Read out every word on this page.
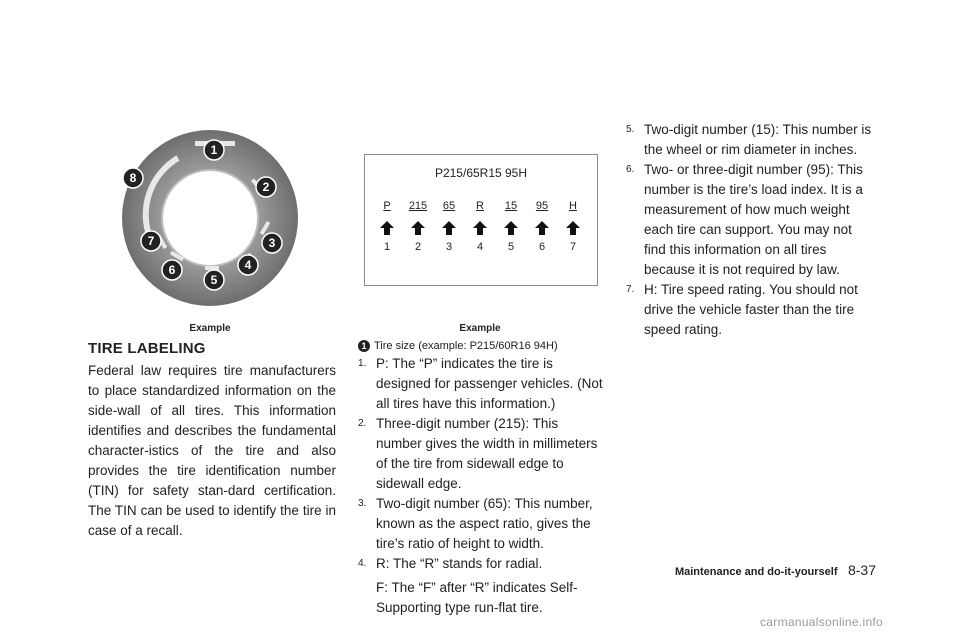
1
2
3
4
5
6
7
8
Example
TIRE LABELING
Federal law requires tire manufacturers to place standardized information on the side-wall of all tires. This information identifies and describes the fundamental character-istics of the tire and also provides the tire identification number (TIN) for safety stan-dard certification. The TIN can be used to identify the tire in case of a recall.
P215/65R15 95H
P
1
215
2
65
3
R
4
15
5
95
6
H
7
Example
1 Tire size (example: P215/60R16 94H)
1. P: The “P” indicates the tire is designed for passenger vehicles. (Not all tires have this information.)
2. Three-digit number (215): This number gives the width in millimeters of the tire from sidewall edge to sidewall edge.
3. Two-digit number (65): This number, known as the aspect ratio, gives the tire’s ratio of height to width.
4. R: The “R” stands for radial.
F: The “F” after “R” indicates Self-Supporting type run-flat tire.
5. Two-digit number (15): This number is the wheel or rim diameter in inches.
6. Two- or three-digit number (95): This number is the tire’s load index. It is a measurement of how much weight each tire can support. You may not find this information on all tires because it is not required by law.
7. H: Tire speed rating. You should not drive the vehicle faster than the tire speed rating.
Maintenance and do-it-yourself 8-37
carmanualsonline.info
